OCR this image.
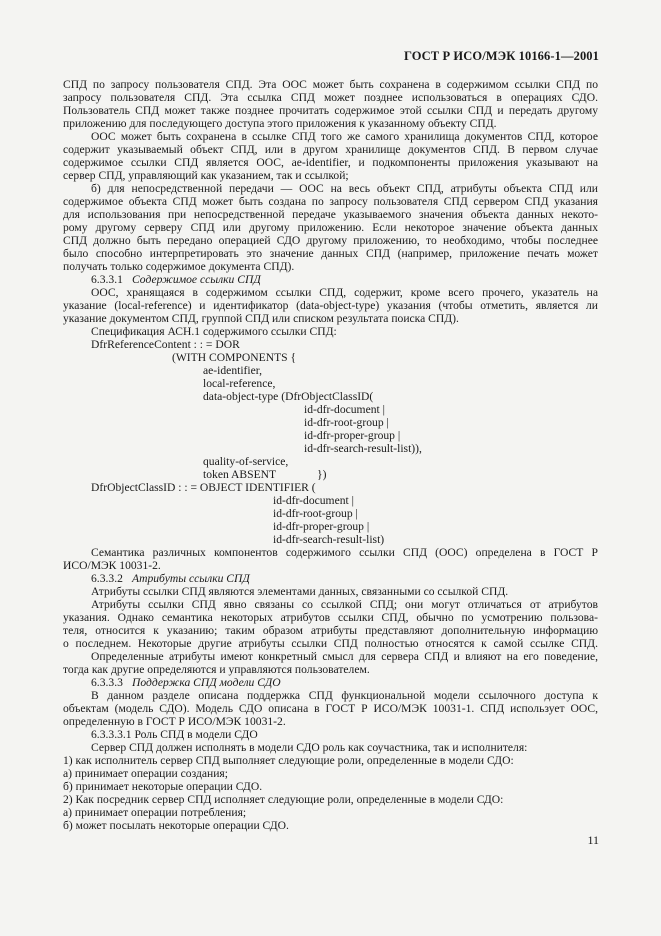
ГОСТ Р ИСО/МЭК 10166-1—2001
СПД по запросу пользователя СПД. Эта ООС может быть сохранена в содержимом ссылки СПД по
запросу пользователя СПД. Эта ссылка СПД может позднее использоваться в операциях СДО.
Пользователь СПД может также позднее прочитать содержимое этой ссылки СПД и передать другому
приложению для последующего доступа этого приложения к указанному объекту СПД.
ООС может быть сохранена в ссылке СПД того же самого хранилища документов СПД, которое
содержит указываемый объект СПД, или в другом хранилище документов СПД. В первом случае
содержимое ссылки СПД является ООС, ae-identifier, и подкомпоненты приложения указывают на
сервер СПД, управляющий как указанием, так и ссылкой;
б) для непосредственной передачи — ООС на весь объект СПД, атрибуты объекта СПД или
содержимое объекта СПД может быть создана по запросу пользователя СПД сервером СПД указания
для использования при непосредственной передаче указываемого значения объекта данных некото-
рому другому серверу СПД или другому приложению. Если некоторое значение объекта данных
СПД должно быть передано операцией СДО другому приложению, то необходимо, чтобы последнее
было способно интерпретировать это значение данных СПД (например, приложение печать может
получать только содержимое документа СПД).
6.3.3.1 Содержимое ссылки СПД
ООС, хранящаяся в содержимом ссылки СПД, содержит, кроме всего прочего, указатель на
указание (local-reference) и идентификатор (data-object-type) указания (чтобы отметить, является ли
указание документом СПД, группой СПД или списком результата поиска СПД).
Спецификация АСН.1 содержимого ссылки СПД:
DfrReferenceContent : : = DOR
(WITH COMPONENTS {
ae-identifier,
local-reference,
data-object-type (DfrObjectClassID(
id-dfr-document |
id-dfr-root-group |
id-dfr-proper-group |
id-dfr-search-result-list)),
quality-of-service,
token ABSENT	})
DfrObjectClassID : : = OBJECT IDENTIFIER (
id-dfr-document |
id-dfr-root-group |
id-dfr-proper-group |
id-dfr-search-result-list)
Семантика различных компонентов содержимого ссылки СПД (ООС) определена в ГОСТ Р
ИСО/МЭК 10031-2.
6.3.3.2 Атрибуты ссылки СПД
Атрибуты ссылки СПД являются элементами данных, связанными со ссылкой СПД.
Атрибуты ссылки СПД явно связаны со ссылкой СПД; они могут отличаться от атрибутов
указания. Однако семантика некоторых атрибутов ссылки СПД, обычно по усмотрению пользова-
теля, относится к указанию; таким образом атрибуты представляют дополнительную информацию
о последнем. Некоторые другие атрибуты ссылки СПД полностью относятся к самой ссылке СПД.
Определенные атрибуты имеют конкретный смысл для сервера СПД и влияют на его поведение,
тогда как другие определяются и управляются пользователем.
6.3.3.3 Поддержка СПД модели СДО
В данном разделе описана поддержка СПД функциональной модели ссылочного доступа к
объектам (модель СДО). Модель СДО описана в ГОСТ Р ИСО/МЭК 10031-1. СПД использует ООС,
определенную в ГОСТ Р ИСО/МЭК 10031-2.
6.3.3.3.1 Роль СПД в модели СДО
Сервер СПД должен исполнять в модели СДО роль как соучастника, так и исполнителя:
1) как исполнитель сервер СПД выполняет следующие роли, определенные в модели СДО:
а) принимает операции создания;
б) принимает некоторые операции СДО.
2) Как посредник сервер СПД исполняет следующие роли, определенные в модели СДО:
а) принимает операции потребления;
б) может посылать некоторые операции СДО.
11
